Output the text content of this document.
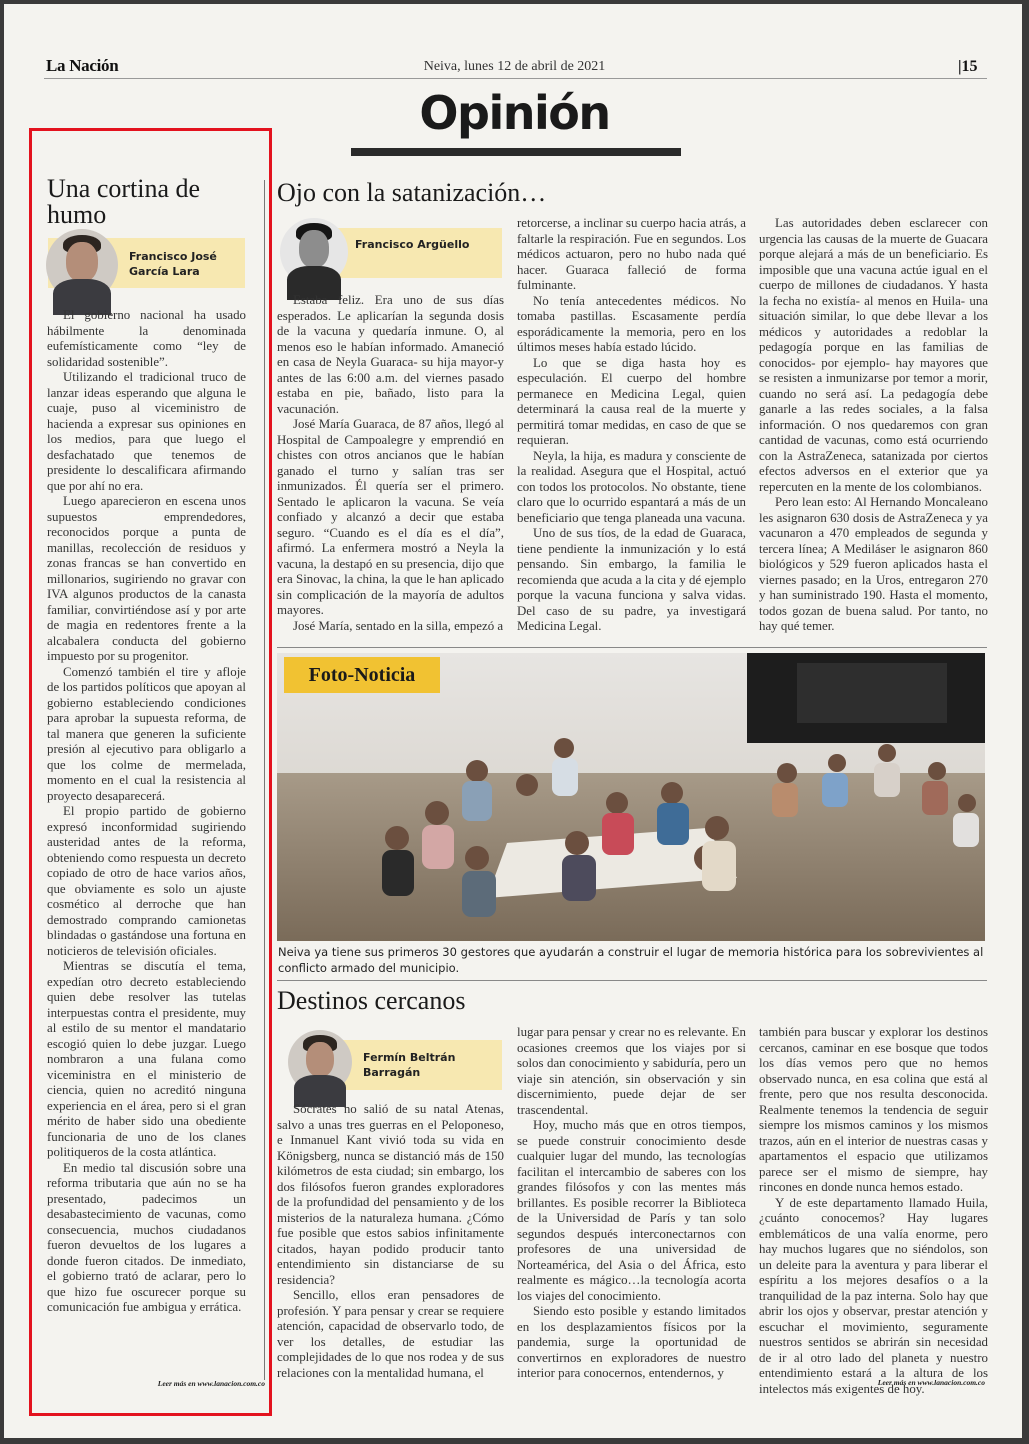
La Nación	Neiva, lunes 12 de abril de 2021	|15
Opinión
Una cortina de humo
Francisco José García Lara

El gobierno nacional ha usado hábilmente la denominada eufemísticamente como “ley de solidaridad sostenible”.

Utilizando el tradicional truco de lanzar ideas esperando que alguna le cuaje, puso al viceministro de hacienda a expresar sus opiniones en los medios, para que luego el desfachatado que tenemos de presidente lo descalificara afirmando que por ahí no era.

Luego aparecieron en escena unos supuestos emprendedores, reconocidos porque a punta de manillas, recolección de residuos y zonas francas se han convertido en millonarios, sugiriendo no gravar con IVA algunos productos de la canasta familiar, convirtiéndose así y por arte de magia en redentores frente a la alcabalera conducta del gobierno impuesto por su progenitor.

Comenzó también el tire y afloje de los partidos políticos que apoyan al gobierno estableciendo condiciones para aprobar la supuesta reforma, de tal manera que generen la suficiente presión al ejecutivo para obligarlo a que los colme de mermelada, momento en el cual la resistencia al proyecto desaparecerá.

El propio partido de gobierno expresó inconformidad sugiriendo austeridad antes de la reforma, obteniendo como respuesta un decreto copiado de otro de hace varios años, que obviamente es solo un ajuste cosmético al derroche que han demostrado comprando camionetas blindadas o gastándose una fortuna en noticieros de televisión oficiales.

Mientras se discutía el tema, expedían otro decreto estableciendo quien debe resolver las tutelas interpuestas contra el presidente, muy al estilo de su mentor el mandatario escogió quien lo debe juzgar. Luego nombraron a una fulana como viceministra en el ministerio de ciencia, quien no acreditó ninguna experiencia en el área, pero si el gran mérito de haber sido una obediente funcionaria de uno de los clanes politiqueros de la costa atlántica.

En medio tal discusión sobre una reforma tributaria que aún no se ha presentado, padecimos un desabastecimiento de vacunas, como consecuencia, muchos ciudadanos fueron devueltos de los lugares a donde fueron citados. De inmediato, el gobierno trató de aclarar, pero lo que hizo fue oscurecer porque su comunicación fue ambigua y errática.

Leer más en www.lanacion.com.co
Ojo con la satanización…
Francisco Argüello

Estaba feliz. Era uno de sus días esperados. Le aplicarían la segunda dosis de la vacuna y quedaría inmune. O, al menos eso le habían informado. Amaneció en casa de Neyla Guaraca- su hija mayor-y antes de las 6:00 a.m. del viernes pasado estaba en pie, bañado, listo para la vacunación.

José María Guaraca, de 87 años, llegó al Hospital de Campoalegre y emprendió en chistes con otros ancianos que le habían ganado el turno y salían tras ser inmunizados. Él quería ser el primero. Sentado le aplicaron la vacuna. Se veía confiado y alcanzó a decir que estaba seguro. “Cuando es el día es el día”, afirmó. La enfermera mostró a Neyla la vacuna, la destapó en su presencia, dijo que era Sinovac, la china, la que le han aplicado sin complicación de la mayoría de adultos mayores.

José María, sentado en la silla, empezó a

retorcerse, a inclinar su cuerpo hacia atrás, a faltarle la respiración. Fue en segundos. Los médicos actuaron, pero no hubo nada qué hacer. Guaraca falleció de forma fulminante.

No tenía antecedentes médicos. No tomaba pastillas. Escasamente perdía esporádicamente la memoria, pero en los últimos meses había estado lúcido.

Lo que se diga hasta hoy es especulación. El cuerpo del hombre permanece en Medicina Legal, quien determinará la causa real de la muerte y permitirá tomar medidas, en caso de que se requieran.

Neyla, la hija, es madura y consciente de la realidad. Asegura que el Hospital, actuó con todos los protocolos. No obstante, tiene claro que lo ocurrido espantará a más de un beneficiario que tenga planeada una vacuna.

Uno de sus tíos, de la edad de Guaraca, tiene pendiente la inmunización y lo está pensando. Sin embargo, la familia le recomienda que acuda a la cita y dé ejemplo porque la vacuna funciona y salva vidas. Del caso de su padre, ya investigará Medicina Legal.

Las autoridades deben esclarecer con urgencia las causas de la muerte de Guacara porque alejará a más de un beneficiario. Es imposible que una vacuna actúe igual en el cuerpo de millones de ciudadanos. Y hasta la fecha no existía- al menos en Huila- una situación similar, lo que debe llevar a los médicos y autoridades a redoblar la pedagogía porque en las familias de conocidos- por ejemplo- hay mayores que se resisten a inmunizarse por temor a morir, cuando no será así. La pedagogía debe ganarle a las redes sociales, a la falsa información. O nos quedaremos con gran cantidad de vacunas, como está ocurriendo con la AstraZeneca, satanizada por ciertos efectos adversos en el exterior que ya repercuten en la mente de los colombianos.

Pero lean esto: Al Hernando Moncaleano les asignaron 630 dosis de AstraZeneca y ya vacunaron a 470 empleados de segunda y tercera línea; A Mediláser le asignaron 860 biológicos y 529 fueron aplicados hasta el viernes pasado; en la Uros, entregaron 270 y han suministrado 190. Hasta el momento, todos gozan de buena salud. Por tanto, no hay qué temer.

Foto-Noticia
Neiva ya tiene sus primeros 30 gestores que ayudarán a construir el lugar de memoria histórica para los sobrevivientes al conflicto armado del municipio.
Destinos cercanos
Fermín Beltrán Barragán

Sócrates no salió de su natal Atenas, salvo a unas tres guerras en el Peloponeso, e Inmanuel Kant vivió toda su vida en Königsberg, nunca se distanció más de 150 kilómetros de esta ciudad; sin embargo, los dos filósofos fueron grandes exploradores de la profundidad del pensamiento y de los misterios de la naturaleza humana. ¿Cómo fue posible que estos sabios infinitamente citados, hayan podido producir tanto entendimiento sin distanciarse de su residencia?

Sencillo, ellos eran pensadores de profesión. Y para pensar y crear se requiere atención, capacidad de observarlo todo, de ver los detalles, de estudiar las complejidades de lo que nos rodea y de sus relaciones con la mentalidad humana, el

lugar para pensar y crear no es relevante. En ocasiones creemos que los viajes por si solos dan conocimiento y sabiduría, pero un viaje sin atención, sin observación y sin discernimiento, puede dejar de ser trascendental.

Hoy, mucho más que en otros tiempos, se puede construir conocimiento desde cualquier lugar del mundo, las tecnologías facilitan el intercambio de saberes con los grandes filósofos y con las mentes más brillantes. Es posible recorrer la Biblioteca de la Universidad de París y tan solo segundos después interconectarnos con profesores de una universidad de Norteamérica, del Asia o del África, esto realmente es mágico…la tecnología acorta los viajes del conocimiento.

Siendo esto posible y estando limitados en los desplazamientos físicos por la pandemia, surge la oportunidad de convertirnos en exploradores de nuestro interior para conocernos, entendernos, y

también para buscar y explorar los destinos cercanos, caminar en ese bosque que todos los días vemos pero que no hemos observado nunca, en esa colina que está al frente, pero que nos resulta desconocida. Realmente tenemos la tendencia de seguir siempre los mismos caminos y los mismos trazos, aún en el interior de nuestras casas y apartamentos el espacio que utilizamos parece ser el mismo de siempre, hay rincones en donde nunca hemos estado.

Y de este departamento llamado Huila, ¿cuánto conocemos? Hay lugares emblemáticos de una valía enorme, pero hay muchos lugares que no siéndolos, son un deleite para la aventura y para liberar el espíritu a los mejores desafíos o a la tranquilidad de la paz interna. Solo hay que abrir los ojos y observar, prestar atención y escuchar el movimiento, seguramente nuestros sentidos se abrirán sin necesidad de ir al otro lado del planeta y nuestro entendimiento estará a la altura de los intelectos más exigentes de hoy.

Leer más en www.lanacion.com.co
